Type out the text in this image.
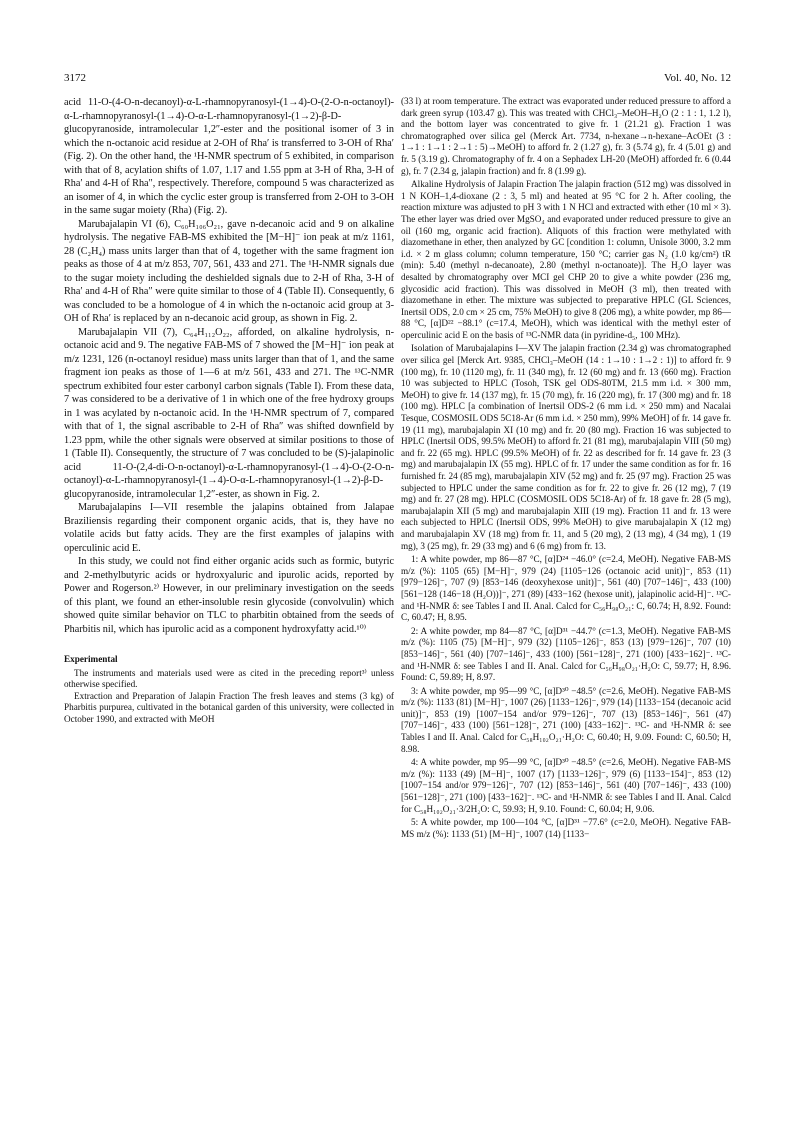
3172	Vol. 40, No. 12

acid 11-O-(4-O-n-decanoyl)-α-L-rhamnopyranosyl-(1→4)-O-(2-O-n-octanoyl)-α-L-rhamnopyranosyl-(1→4)-O-α-L-rhamnopyranosyl-(1→2)-β-D-glucopyranoside, intramolecular 1,2″-ester and the positional isomer of 3 in which the n-octanoic acid residue at 2-OH of Rha′ is transferred to 3-OH of Rha′ (Fig. 2). On the other hand, the ¹H-NMR spectrum of 5 exhibited, in comparison with that of 8, acylation shifts of 1.07, 1.17 and 1.55 ppm at 3-H of Rha, 3-H of Rha′ and 4-H of Rha″, respectively. Therefore, compound 5 was characterized as an isomer of 4, in which the cyclic ester group is transferred from 2-OH to 3-OH in the same sugar moiety (Rha) (Fig. 2).

Marubajalapin VI (6), C₆₀H₁₀₆O₂₁, gave n-decanoic acid and 9 on alkaline hydrolysis. The negative FAB-MS exhibited the [M−H]⁻ ion peak at m/z 1161, 28 (C₂H₄) mass units larger than that of 4, together with the same fragment ion peaks as those of 4 at m/z 853, 707, 561, 433 and 271. The ¹H-NMR signals due to the sugar moiety including the deshielded signals due to 2-H of Rha, 3-H of Rha′ and 4-H of Rha″ were quite similar to those of 4 (Table II). Consequently, 6 was concluded to be a homologue of 4 in which the n-octanoic acid group at 3-OH of Rha′ is replaced by an n-decanoic acid group, as shown in Fig. 2.

Marubajalapin VII (7), C₆₄H₁₁₂O₂₂, afforded, on alkaline hydrolysis, n-octanoic acid and 9. The negative FAB-MS of 7 showed the [M−H]⁻ ion peak at m/z 1231, 126 (n-octanoyl residue) mass units larger than that of 1, and the same fragment ion peaks as those of 1—6 at m/z 561, 433 and 271. The ¹³C-NMR spectrum exhibited four ester carbonyl carbon signals (Table I). From these data, 7 was considered to be a derivative of 1 in which one of the free hydroxy groups in 1 was acylated by n-octanoic acid. In the ¹H-NMR spectrum of 7, compared with that of 1, the signal ascribable to 2-H of Rha″ was shifted downfield by 1.23 ppm, while the other signals were observed at similar positions to those of 1 (Table II). Consequently, the structure of 7 was concluded to be (S)-jalapinolic acid 11-O-(2,4-di-O-n-octanoyl)-α-L-rhamnopyranosyl-(1→4)-O-(2-O-n-octanoyl)-α-L-rhamnopyranosyl-(1→4)-O-α-L-rhamnopyranosyl-(1→2)-β-D-glucopyranoside, intramolecular 1,2″-ester, as shown in Fig. 2.

Marubajalapins I—VII resemble the jalapins obtained from Jalapae Braziliensis regarding their component organic acids, that is, they have no volatile acids but fatty acids. They are the first examples of jalapins with operculinic acid E.

In this study, we could not find either organic acids such as formic, butyric and 2-methylbutyric acids or hydroxyaluric and ipurolic acids, reported by Power and Rogerson.²⁾ However, in our preliminary investigation on the seeds of this plant, we found an ether-insoluble resin glycoside (convolvulin) which showed quite similar behavior on TLC to pharbitin obtained from the seeds of Pharbitis nil, which has ipurolic acid as a component hydroxyfatty acid.¹⁰⁾

Experimental

The instruments and materials used were as cited in the preceding report³⁾ unless otherwise specified.

Extraction and Preparation of Jalapin Fraction The fresh leaves and stems (3 kg) of Pharbitis purpurea, cultivated in the botanical garden of this university, were collected in October 1990, and extracted with MeOH

(33 l) at room temperature. The extract was evaporated under reduced pressure to afford a dark green syrup (103.47 g). This was treated with CHCl₃–MeOH–H₂O (2 : 1 : 1, 1.2 l), and the bottom layer was concentrated to give fr. 1 (21.21 g). Fraction 1 was chromatographed over silica gel (Merck Art. 7734, n-hexane→n-hexane–AcOEt (3 : 1→1 : 1→1 : 2→1 : 5)→MeOH) to afford fr. 2 (1.27 g), fr. 3 (5.74 g), fr. 4 (5.01 g) and fr. 5 (3.19 g). Chromatography of fr. 4 on a Sephadex LH-20 (MeOH) afforded fr. 6 (0.44 g), fr. 7 (2.34 g, jalapin fraction) and fr. 8 (1.99 g).

Alkaline Hydrolysis of Jalapin Fraction The jalapin fraction (512 mg) was dissolved in 1 N KOH–1,4-dioxane (2 : 3, 5 ml) and heated at 95 °C for 2 h. After cooling, the reaction mixture was adjusted to pH 3 with 1 N HCl and extracted with ether (10 ml × 3). The ether layer was dried over MgSO₄ and evaporated under reduced pressure to give an oil (160 mg, organic acid fraction). Aliquots of this fraction were methylated with diazomethane in ether, then analyzed by GC [condition 1: column, Unisole 3000, 3.2 mm i.d. × 2 m glass column; column temperature, 150 °C; carrier gas N₂ (1.0 kg/cm²) tR (min): 5.40 (methyl n-decanoate), 2.80 (methyl n-octanoate)]. The H₂O layer was desalted by chromatography over MCI gel CHP 20 to give a white powder (236 mg, glycosidic acid fraction). This was dissolved in MeOH (3 ml), then treated with diazomethane in ether. The mixture was subjected to preparative HPLC (GL Sciences, Inertsil ODS, 2.0 cm × 25 cm, 75% MeOH) to give 8 (206 mg), a white powder, mp 86—88 °C, [α]D²² −88.1° (c=17.4, MeOH), which was identical with the methyl ester of operculinic acid E on the basis of ¹³C-NMR data (in pyridine-d₅, 100 MHz).

Isolation of Marubajalapins I—XV The jalapin fraction (2.34 g) was chromatographed over silica gel [Merck Art. 9385, CHCl₃–MeOH (14 : 1→10 : 1→2 : 1)] to afford fr. 9 (100 mg), fr. 10 (1120 mg), fr. 11 (340 mg), fr. 12 (60 mg) and fr. 13 (660 mg). Fraction 10 was subjected to HPLC (Tosoh, TSK gel ODS-80TM, 21.5 mm i.d. × 300 mm, MeOH) to give fr. 14 (137 mg), fr. 15 (70 mg), fr. 16 (220 mg), fr. 17 (300 mg) and fr. 18 (100 mg). HPLC [a combination of Inertsil ODS-2 (6 mm i.d. × 250 mm) and Nacalai Tesque, COSMOSIL ODS 5C18-Ar (6 mm i.d. × 250 mm), 99% MeOH] of fr. 14 gave fr. 19 (11 mg), marubajalapin XI (10 mg) and fr. 20 (80 mg). Fraction 16 was subjected to HPLC (Inertsil ODS, 99.5% MeOH) to afford fr. 21 (81 mg), marubajalapin VIII (50 mg) and fr. 22 (65 mg). HPLC (99.5% MeOH) of fr. 22 as described for fr. 14 gave fr. 23 (3 mg) and marubajalapin IX (55 mg). HPLC of fr. 17 under the same condition as for fr. 16 furnished fr. 24 (85 mg), marubajalapin XIV (52 mg) and fr. 25 (97 mg). Fraction 25 was subjected to HPLC under the same condition as for fr. 22 to give fr. 26 (12 mg), 7 (19 mg) and fr. 27 (28 mg). HPLC (COSMOSIL ODS 5C18-Ar) of fr. 18 gave fr. 28 (5 mg), marubajalapin XII (5 mg) and marubajalapin XIII (19 mg). Fraction 11 and fr. 13 were each subjected to HPLC (Inertsil ODS, 99% MeOH) to give marubajalapin X (12 mg) and marubajalapin XV (18 mg) from fr. 11, and 5 (20 mg), 2 (13 mg), 4 (34 mg), 1 (19 mg), 3 (25 mg), fr. 29 (33 mg) and 6 (6 mg) from fr. 13.

1: A white powder, mp 86—87 °C, [α]D²⁴ −46.0° (c=2.4, MeOH). Negative FAB-MS m/z (%): 1105 (65) [M−H]⁻, 979 (24) [1105−126 (octanoic acid unit)]⁻, 853 (11) [979−126]⁻, 707 (9) [853−146 (deoxyhexose unit)]⁻, 561 (40) [707−146]⁻, 433 (100) [561−128 (146−18 (H₂O))]⁻, 271 (89) [433−162 (hexose unit), jalapinolic acid-H]⁻. ¹³C- and ¹H-NMR δ: see Tables I and II. Anal. Calcd for C₅₆H₉₈O₂₁: C, 60.74; H, 8.92. Found: C, 60.47; H, 8.95.

2: A white powder, mp 84—87 °C, [α]D³¹ −44.7° (c=1.3, MeOH). Negative FAB-MS m/z (%): 1105 (75) [M−H]⁻, 979 (32) [1105−126]⁻, 853 (13) [979−126]⁻, 707 (10) [853−146]⁻, 561 (40) [707−146]⁻, 433 (100) [561−128]⁻, 271 (100) [433−162]⁻. ¹³C- and ¹H-NMR δ: see Tables I and II. Anal. Calcd for C₅₆H₉₈O₂₁·H₂O: C, 59.77; H, 8.96. Found: C, 59.89; H, 8.97.

3: A white powder, mp 95—99 °C, [α]D³⁰ −48.5° (c=2.6, MeOH). Negative FAB-MS m/z (%): 1133 (81) [M−H]⁻, 1007 (26) [1133−126]⁻, 979 (14) [1133−154 (decanoic acid unit)]⁻, 853 (19) [1007−154 and/or 979−126]⁻, 707 (13) [853−146]⁻, 561 (47) [707−146]⁻, 433 (100) [561−128]⁻, 271 (100) [433−162]⁻. ¹³C- and ¹H-NMR δ: see Tables I and II. Anal. Calcd for C₅₈H₁₀₂O₂₁·H₂O: C, 60.40; H, 9.09. Found: C, 60.50; H, 8.98.

4: A white powder, mp 95—99 °C, [α]D³⁰ −48.5° (c=2.6, MeOH). Negative FAB-MS m/z (%): 1133 (49) [M−H]⁻, 1007 (17) [1133−126]⁻, 979 (6) [1133−154]⁻, 853 (12) [1007−154 and/or 979−126]⁻, 707 (12) [853−146]⁻, 561 (40) [707−146]⁻, 433 (100) [561−128]⁻, 271 (100) [433−162]⁻. ¹³C- and ¹H-NMR δ: see Tables I and II. Anal. Calcd for C₅₈H₁₀₂O₂₁·3/2H₂O: C, 59.93; H, 9.10. Found: C, 60.04; H, 9.06.

5: A white powder, mp 100—104 °C, [α]D³¹ −77.6° (c=2.0, MeOH). Negative FAB-MS m/z (%): 1133 (51) [M−H]⁻, 1007 (14) [1133−
